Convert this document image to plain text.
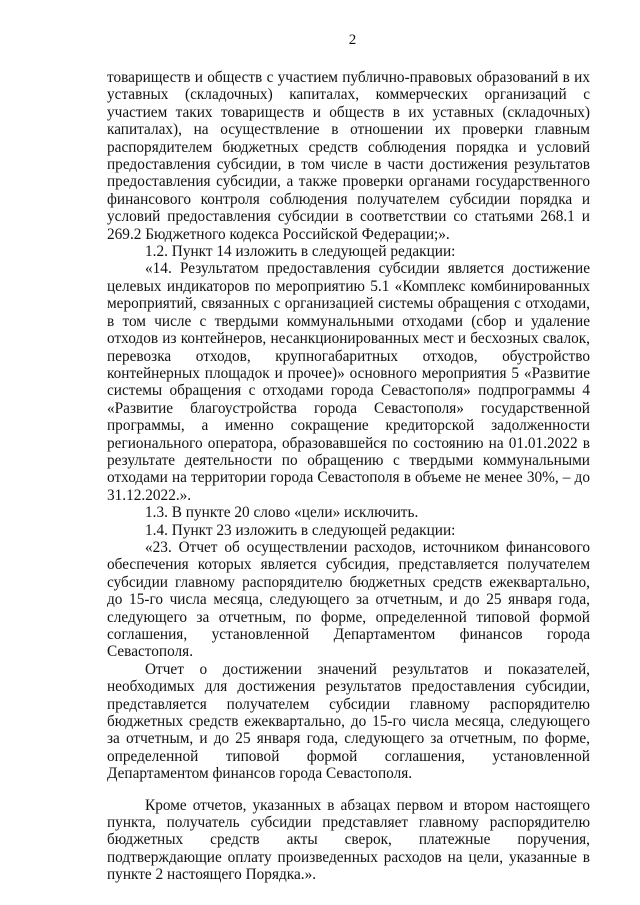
2

товариществ и обществ с участием публично-правовых образований в их уставных (складочных) капиталах, коммерческих организаций с участием таких товариществ и обществ в их уставных (складочных) капиталах), на осуществление в отношении их проверки главным распорядителем бюджетных средств соблюдения порядка и условий предоставления субсидии, в том числе в части достижения результатов предоставления субсидии, а также проверки органами государственного финансового контроля соблюдения получателем субсидии порядка и условий предоставления субсидии в соответствии со статьями 268.1 и 269.2 Бюджетного кодекса Российской Федерации;».

1.2. Пункт 14 изложить в следующей редакции:

«14. Результатом предоставления субсидии является достижение целевых индикаторов по мероприятию 5.1 «Комплекс комбинированных мероприятий, связанных с организацией системы обращения с отходами, в том числе с твердыми коммунальными отходами (сбор и удаление отходов из контейнеров, несанкционированных мест и бесхозных свалок, перевозка отходов, крупногабаритных отходов, обустройство контейнерных площадок и прочее)» основного мероприятия 5 «Развитие системы обращения с отходами города Севастополя» подпрограммы 4 «Развитие благоустройства города Севастополя» государственной программы, а именно сокращение кредиторской задолженности регионального оператора, образовавшейся по состоянию на 01.01.2022 в результате деятельности по обращению с твердыми коммунальными отходами на территории города Севастополя в объеме не менее 30%, – до 31.12.2022.».

1.3. В пункте 20 слово «цели» исключить.

1.4. Пункт 23 изложить в следующей редакции:

«23. Отчет об осуществлении расходов, источником финансового обеспечения которых является субсидия, представляется получателем субсидии главному распорядителю бюджетных средств ежеквартально, до 15-го числа месяца, следующего за отчетным, и до 25 января года, следующего за отчетным, по форме, определенной типовой формой соглашения, установленной Департаментом финансов города Севастополя.

Отчет о достижении значений результатов и показателей, необходимых для достижения результатов предоставления субсидии, представляется получателем субсидии главному распорядителю бюджетных средств ежеквартально, до 15-го числа месяца, следующего за отчетным, и до 25 января года, следующего за отчетным, по форме, определенной типовой формой соглашения, установленной Департаментом финансов города Севастополя.

Кроме отчетов, указанных в абзацах первом и втором настоящего пункта, получатель субсидии представляет главному распорядителю бюджетных средств акты сверок, платежные поручения, подтверждающие оплату произведенных расходов на цели, указанные в пункте 2 настоящего Порядка.».
